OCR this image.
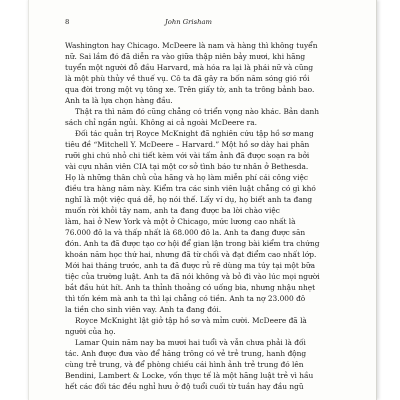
8	John Grisham
Washington hay Chicago. McDeere là nam và hàng thì không tuyển
nữ. Sai lầm đó đã diễn ra vào giữa thập niên bảy mươi, khi hãng
tuyển một người đỗ đầu Harvard, mà hóa ra lại là phái nữ và cũng
là một phù thủy về thuế vụ. Cô ta đã gây ra bốn năm sóng gió rồi
qua đời trong một vụ tông xe. Trên giấy tờ, anh ta trông bảnh bao.
Anh ta là lựa chọn hàng đầu.
Thật ra thì năm đó cũng chẳng có triển vọng nào khác. Bản danh
sách chỉ ngắn ngủi. Không ai cả ngoài McDeere ra.
Đối tác quản trị Royce McKnight đã nghiên cứu tập hồ sơ mang
tiêu đề “Mitchell Y. McDeere – Harvard.” Một hồ sơ dày hai phân
rưỡi ghi chú nhỏ chi tiết kèm với vài tấm ảnh đã được soạn ra bởi
vài cựu nhân viên CIA tại một cơ sở tình báo tư nhân ở Bethesda.
Họ là những thân chủ của hãng và họ làm miễn phí cái công việc
điều tra hàng năm này. Kiểm tra các sinh viên luật chẳng có gì khó
nghĩ là một việc quá dễ, họ nói thế. Lấy ví dụ, họ biết anh ta đang
muốn rời khỏi tây nam, anh ta đang được ba lời chào việc
làm, hai ở New York và một ở Chicago, mức lương cao nhất là
76.000 đô la và thấp nhất là 68.000 đô la. Anh ta đang được săn
đón. Anh ta đã được tạo cơ hội để gian lận trong bài kiểm tra chứng
khoán năm học thứ hai, nhưng đã từ chối và đạt điểm cao nhất lớp.
Mới hai tháng trước, anh ta đã được rủ rê dùng ma túy tại một bữa
tiệc của trường luật. Anh ta đã nói không và bỏ đi vào lúc mọi người
bắt đầu hút hít. Anh ta thỉnh thoảng có uống bia, nhưng nhậu nhẹt
thì tốn kém mà anh ta thì lại chẳng có tiền. Anh ta nợ 23.000 đô
la tiền cho sinh viên vay. Anh ta đang đói.
Royce McKnight lật giở tập hồ sơ và mỉm cười. McDeere đã là
người của họ.
Lamar Quin năm nay ba mươi hai tuổi và vẫn chưa phải là đối
tác. Anh được đưa vào để hăng trông có vẻ trẻ trung, hanh động
cùng trẻ trung, và để phòng chiếu cái hình ảnh trẻ trung đó lên
Bendini, Lambert & Locke, vốn thực tế là một hãng luật trẻ vì hầu
hết các đối tác đều nghỉ hưu ở độ tuổi cuối từ tuần hay đầu ngũ
